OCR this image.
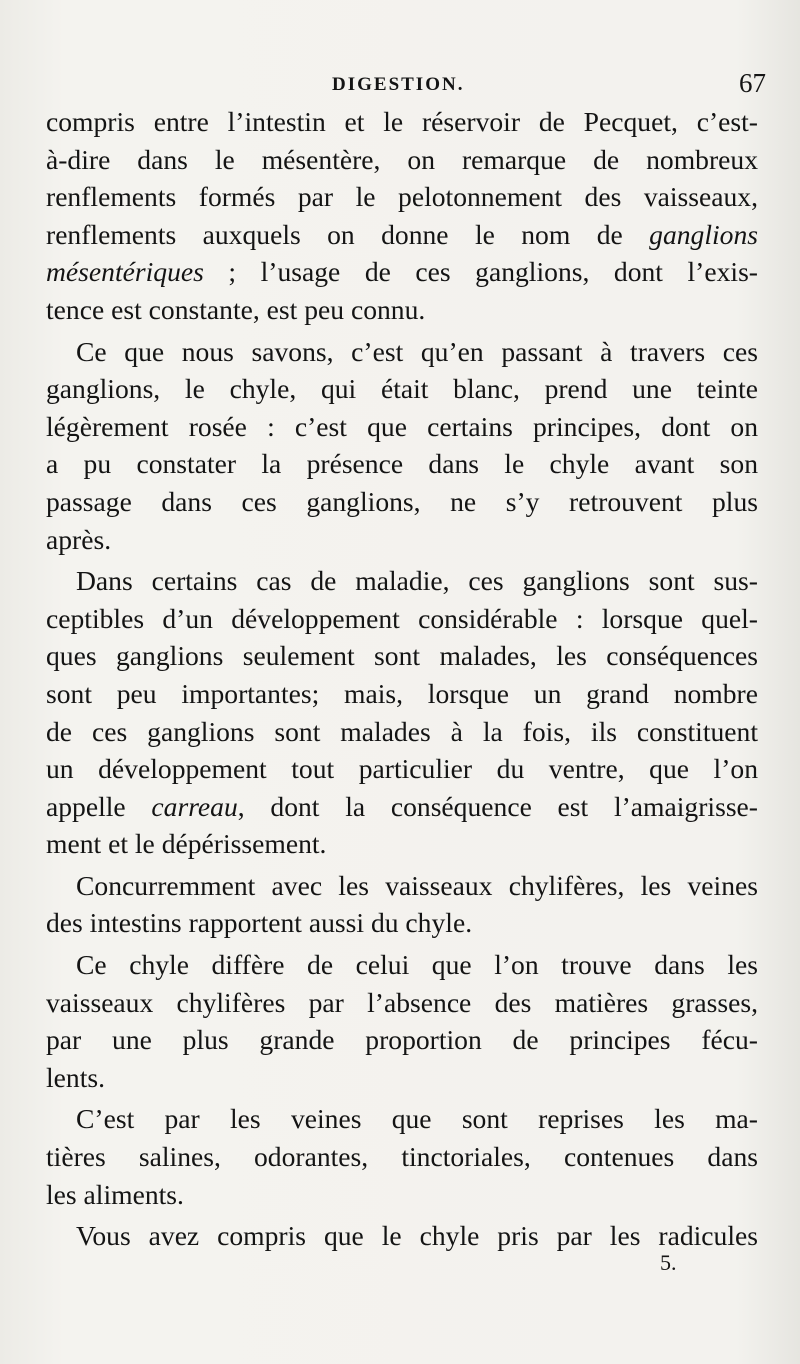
DIGESTION.	67

compris entre l’intestin et le réservoir de Pecquet, c’est-
à-dire dans le mésentère, on remarque de nombreux
renflements formés par le pelotonnement des vaisseaux,
renflements auxquels on donne le nom de ganglions
mésentériques ; l’usage de ces ganglions, dont l’exis-
tence est constante, est peu connu.

Ce que nous savons, c’est qu’en passant à travers ces
ganglions, le chyle, qui était blanc, prend une teinte
légèrement rosée : c’est que certains principes, dont on
a pu constater la présence dans le chyle avant son
passage dans ces ganglions, ne s’y retrouvent plus
après.

Dans certains cas de maladie, ces ganglions sont sus-
ceptibles d’un développement considérable : lorsque quel-
ques ganglions seulement sont malades, les conséquences
sont peu importantes; mais, lorsque un grand nombre
de ces ganglions sont malades à la fois, ils constituent
un développement tout particulier du ventre, que l’on
appelle carreau, dont la conséquence est l’amaigrisse-
ment et le dépérissement.

Concurremment avec les vaisseaux chylifères, les veines
des intestins rapportent aussi du chyle.

Ce chyle diffère de celui que l’on trouve dans les
vaisseaux chylifères par l’absence des matières grasses,
par une plus grande proportion de principes fécu-
lents.

C’est par les veines que sont reprises les ma-
tières salines, odorantes, tinctoriales, contenues dans
les aliments.

Vous avez compris que le chyle pris par les radicules

5.
